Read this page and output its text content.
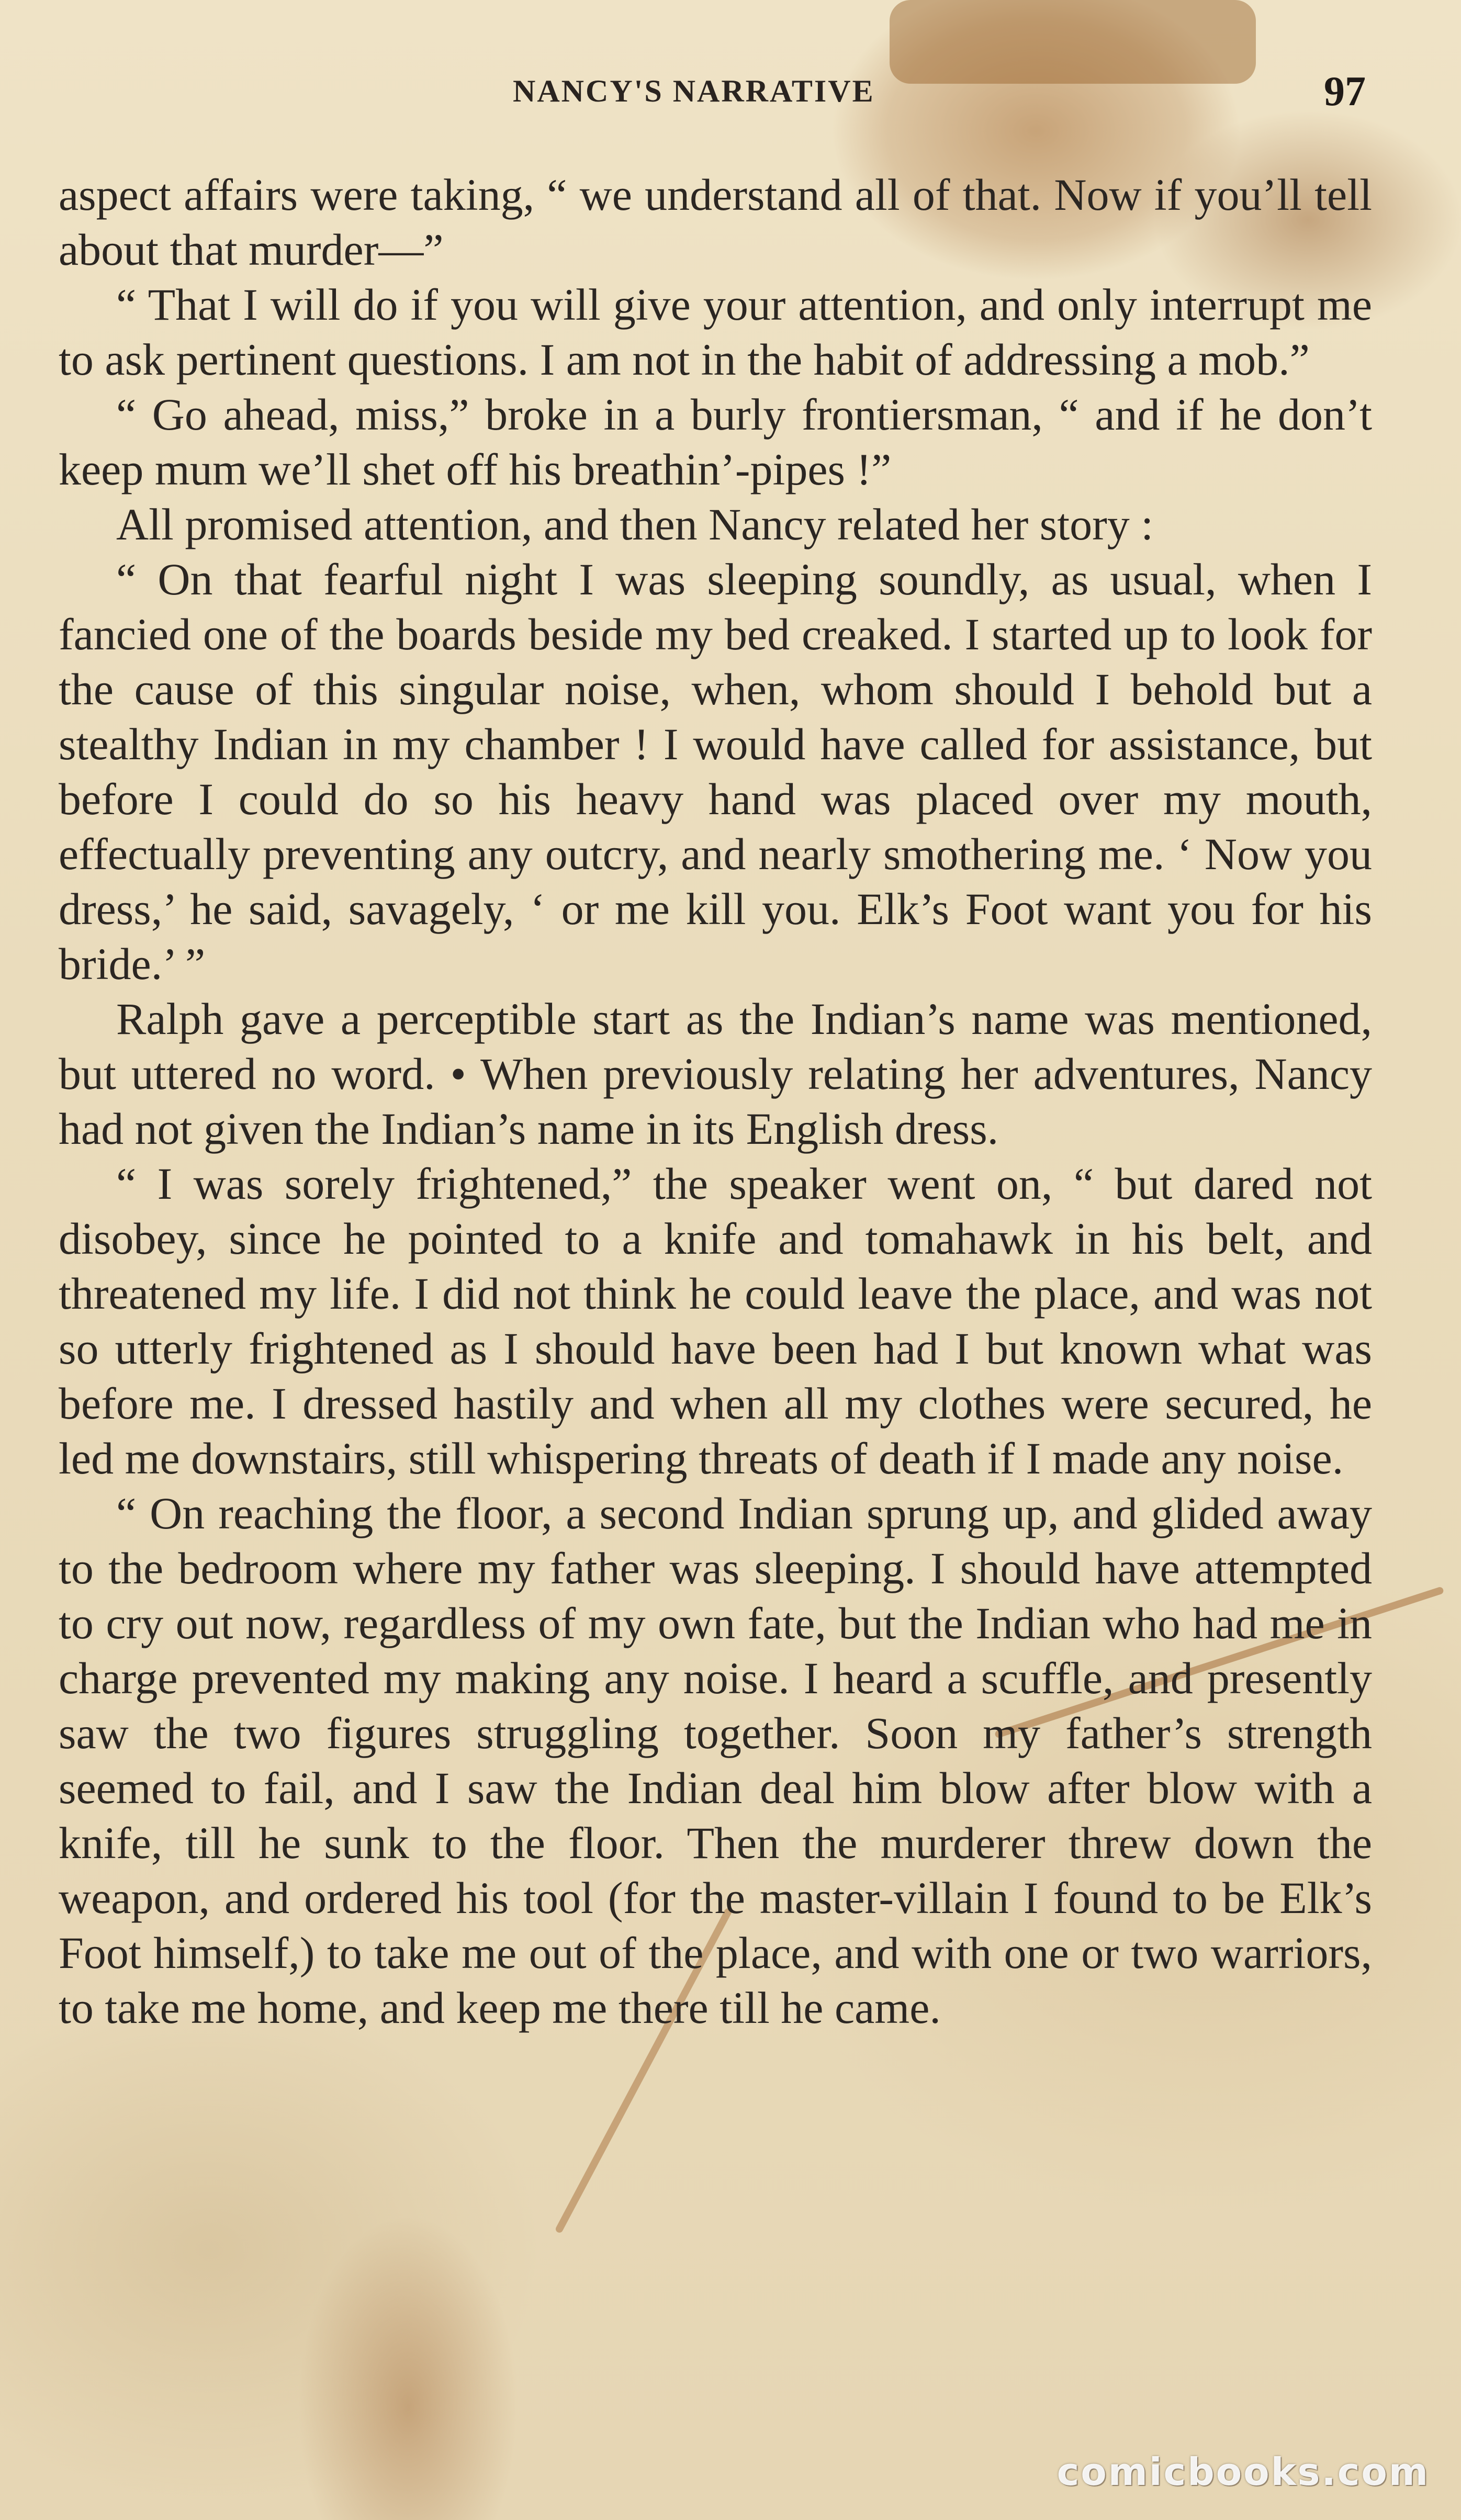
NANCY'S NARRATIVE	97

aspect affairs were taking, “ we understand all of that. Now if you’ll tell about that murder—”

“ That I will do if you will give your attention, and only interrupt me to ask pertinent questions. I am not in the habit of addressing a mob.”

“ Go ahead, miss,” broke in a burly frontiersman, “ and if he don’t keep mum we’ll shet off his breathin’-pipes !”

All promised attention, and then Nancy related her story :

“ On that fearful night I was sleeping soundly, as usual, when I fancied one of the boards beside my bed creaked. I started up to look for the cause of this singular noise, when, whom should I behold but a stealthy Indian in my chamber ! I would have called for assistance, but before I could do so his heavy hand was placed over my mouth, effectually preventing any outcry, and nearly smothering me. ‘ Now you dress,’ he said, savagely, ‘ or me kill you. Elk’s Foot want you for his bride.’ ”

Ralph gave a perceptible start as the Indian’s name was mentioned, but uttered no word. • When previously relating her adventures, Nancy had not given the Indian’s name in its English dress.

“ I was sorely frightened,” the speaker went on, “ but dared not disobey, since he pointed to a knife and tomahawk in his belt, and threatened my life. I did not think he could leave the place, and was not so utterly frightened as I should have been had I but known what was before me. I dressed hastily and when all my clothes were secured, he led me downstairs, still whispering threats of death if I made any noise.

“ On reaching the floor, a second Indian sprung up, and glided away to the bedroom where my father was sleeping. I should have attempted to cry out now, regardless of my own fate, but the Indian who had me in charge prevented my making any noise. I heard a scuffle, and presently saw the two figures struggling together. Soon my father’s strength seemed to fail, and I saw the Indian deal him blow after blow with a knife, till he sunk to the floor. Then the murderer threw down the weapon, and ordered his tool (for the master-villain I found to be Elk’s Foot himself,) to take me out of the place, and with one or two warriors, to take me home, and keep me there till he came.

comicbooks.com
